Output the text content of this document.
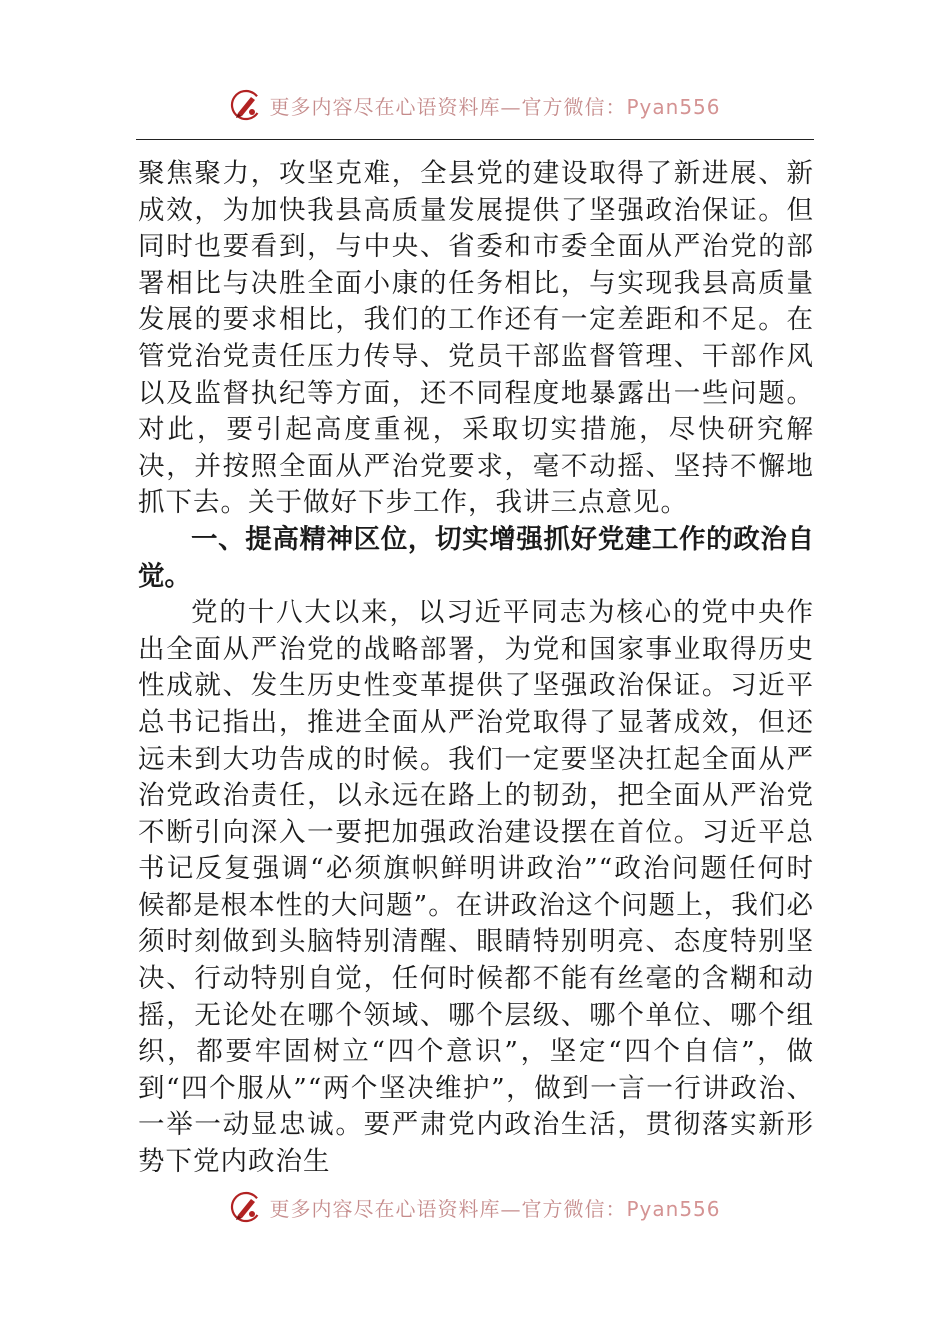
更多内容尽在心语资料库—官方微信：Pyan556

聚焦聚力，攻坚克难，全县党的建设取得了新进展、新成效，为加快我县高质量发展提供了坚强政治保证。但同时也要看到，与中央、省委和市委全面从严治党的部署相比与决胜全面小康的任务相比，与实现我县高质量发展的要求相比，我们的工作还有一定差距和不足。在管党治党责任压力传导、党员干部监督管理、干部作风以及监督执纪等方面，还不同程度地暴露出一些问题。对此，要引起高度重视，采取切实措施，尽快研究解决，并按照全面从严治党要求，毫不动摇、坚持不懈地抓下去。关于做好下步工作，我讲三点意见。

一、提高精神区位，切实增强抓好党建工作的政治自觉。

党的十八大以来，以习近平同志为核心的党中央作出全面从严治党的战略部署，为党和国家事业取得历史性成就、发生历史性变革提供了坚强政治保证。习近平总书记指出，推进全面从严治党取得了显著成效，但还远未到大功告成的时候。我们一定要坚决扛起全面从严治党政治责任，以永远在路上的韧劲，把全面从严治党不断引向深入一要把加强政治建设摆在首位。习近平总书记反复强调“必须旗帜鲜明讲政治”“政治问题任何时候都是根本性的大问题”。在讲政治这个问题上，我们必须时刻做到头脑特别清醒、眼睛特别明亮、态度特别坚决、行动特别自觉，任何时候都不能有丝毫的含糊和动摇，无论处在哪个领域、哪个层级、哪个单位、哪个组织，都要牢固树立“四个意识”，坚定“四个自信”，做到“四个服从”“两个坚决维护”，做到一言一行讲政治、一举一动显忠诚。要严肃党内政治生活，贯彻落实新形势下党内政治生

更多内容尽在心语资料库—官方微信：Pyan556
